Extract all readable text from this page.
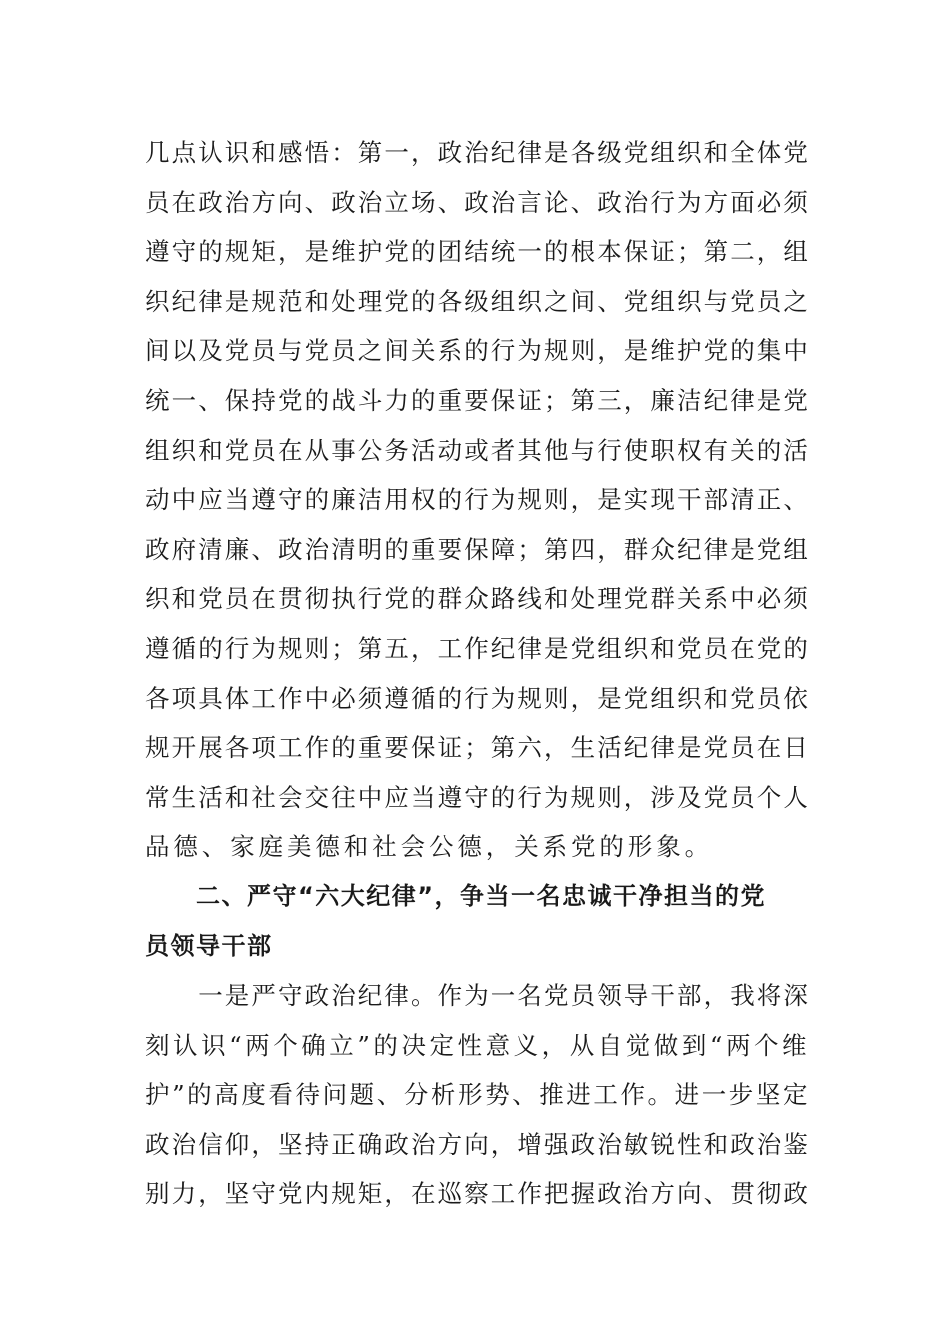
几点认识和感悟：第一，政治纪律是各级党组织和全体党
员在政治方向、政治立场、政治言论、政治行为方面必须
遵守的规矩，是维护党的团结统一的根本保证；第二，组
织纪律是规范和处理党的各级组织之间、党组织与党员之
间以及党员与党员之间关系的行为规则，是维护党的集中
统一、保持党的战斗力的重要保证；第三，廉洁纪律是党
组织和党员在从事公务活动或者其他与行使职权有关的活
动中应当遵守的廉洁用权的行为规则，是实现干部清正、
政府清廉、政治清明的重要保障；第四，群众纪律是党组
织和党员在贯彻执行党的群众路线和处理党群关系中必须
遵循的行为规则；第五，工作纪律是党组织和党员在党的
各项具体工作中必须遵循的行为规则，是党组织和党员依
规开展各项工作的重要保证；第六，生活纪律是党员在日
常生活和社会交往中应当遵守的行为规则，涉及党员个人
品德、家庭美德和社会公德，关系党的形象。
　　二、严守“六大纪律”，争当一名忠诚干净担当的党
员领导干部
　　一是严守政治纪律。作为一名党员领导干部，我将深
刻认识“两个确立”的决定性意义，从自觉做到“两个维
护”的高度看待问题、分析形势、推进工作。进一步坚定
政治信仰，坚持正确政治方向，增强政治敏锐性和政治鉴
别力，坚守党内规矩，在巡察工作把握政治方向、贯彻政
